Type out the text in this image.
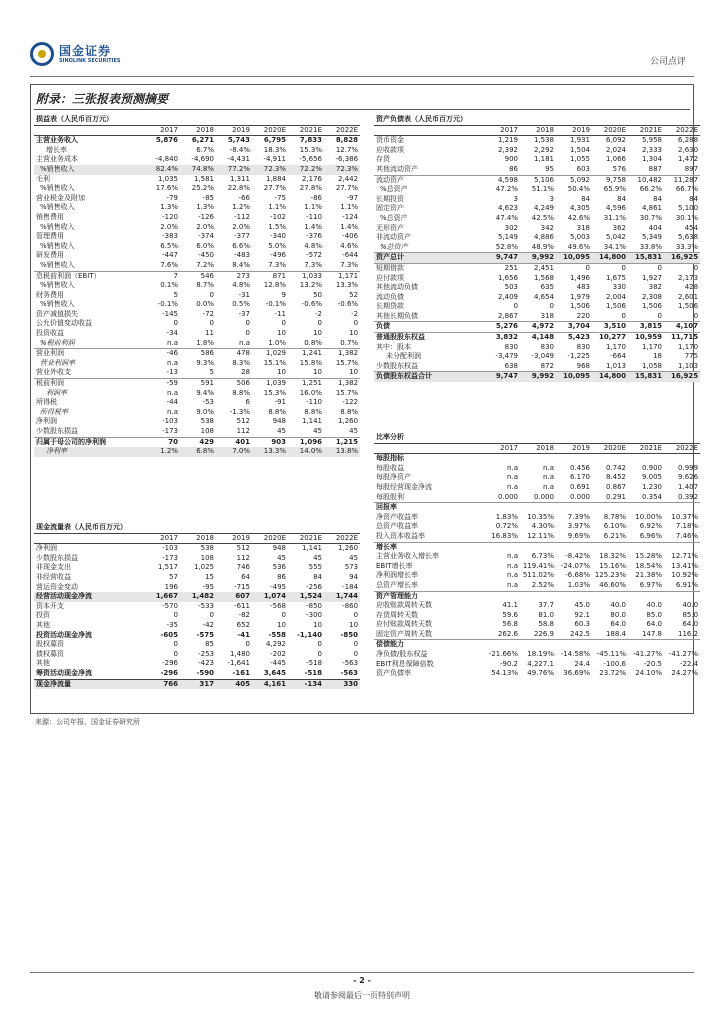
国金证券
SINOLINK SECURITIES	公司点评
附录：三张报表预测摘要
损益表（人民币百万元）						
	2017	2018	2019	2020E	2021E	2022E
主营业务收入	5,876	6,271	5,743	6,795	7,833	8,828
增长率		6.7%	-8.4%	18.3%	15.3%	12.7%
主营业务成本	-4,840	-4,690	-4,431	-4,911	-5,656	-6,386
%销售收入	82.4%	74.8%	77.2%	72.3%	72.2%	72.3%
毛利	1,035	1,581	1,311	1,884	2,176	2,442
%销售收入	17.6%	25.2%	22.8%	27.7%	27.8%	27.7%
营业税金及附加	-79	-85	-66	-75	-86	-97
%销售收入	1.3%	1.3%	1.2%	1.1%	1.1%	1.1%
销售费用	-120	-126	-112	-102	-110	-124
%销售收入	2.0%	2.0%	2.0%	1.5%	1.4%	1.4%
管理费用	-383	-374	-377	-340	-376	-406
%销售收入	6.5%	6.0%	6.6%	5.0%	4.8%	4.6%
研发费用	-447	-450	-483	-496	-572	-644
%销售收入	7.6%	7.2%	8.4%	7.3%	7.3%	7.3%
息税前利润（EBIT）	7	546	273	871	1,033	1,171
%销售收入	0.1%	8.7%	4.8%	12.8%	13.2%	13.3%
财务费用	5	0	-31	9	50	52
%销售收入	-0.1%	0.0%	0.5%	-0.1%	-0.6%	-0.6%
资产减值损失	-145	-72	-37	-11	-2	-2
公允价值变动收益	0	0	0	0	0	0
投资收益	-34	11	0	10	10	10
%税前利润	n.a	1.8%	n.a	1.0%	0.8%	0.7%
营业利润	-46	586	478	1,029	1,241	1,382
营业利润率	n.a	9.3%	8.3%	15.1%	15.8%	15.7%
营业外收支	-13	5	28	10	10	10
税前利润	-59	591	506	1,039	1,251	1,382
利润率	n.a	9.4%	8.8%	15.3%	16.0%	15.7%
所得税	-44	-53	6	-91	-110	-122
所得税率	n.a	9.0%	-1.3%	8.8%	8.8%	8.8%
净利润	-103	538	512	948	1,141	1,260
少数股东损益	-173	108	112	45	45	45
归属于母公司的净利润	70	429	401	903	1,096	1,215
净利率	1.2%	6.8%	7.0%	13.3%	14.0%	13.8%
资产负债表（人民币百万元）						
	2017	2018	2019	2020E	2021E	2022E
货币资金	1,219	1,538	1,931	6,092	5,958	6,288
应收款项	2,392	2,292	1,504	2,024	2,333	2,630
存货	900	1,181	1,055	1,066	1,304	1,472
其他流动资产	86	95	603	576	887	897
流动资产	4,598	5,106	5,092	9,758	10,482	11,287
%总资产	47.2%	51.1%	50.4%	65.9%	66.2%	66.7%
长期投资	3	3	84	84	84	84
固定资产	4,623	4,249	4,305	4,596	4,861	5,100
%总资产	47.4%	42.5%	42.6%	31.1%	30.7%	30.1%
无形资产	302	342	318	362	404	454
非流动资产	5,149	4,886	5,003	5,042	5,349	5,638
%总资产	52.8%	48.9%	49.6%	34.1%	33.8%	33.3%
资产总计	9,747	9,992	10,095	14,800	15,831	16,925
短期借款	251	2,451	0	0	0	0
应付款项	1,656	1,568	1,496	1,675	1,927	2,173
其他流动负债	503	635	483	330	382	428
流动负债	2,409	4,654	1,979	2,004	2,308	2,601
长期贷款	0	0	1,506	1,506	1,506	1,506
其他长期负债	2,867	318	220	0	0	0
负债	5,276	4,972	3,704	3,510	3,815	4,107
普通股股东权益	3,832	4,148	5,423	10,277	10,959	11,715
其中：股本	830	830	830	1,170	1,170	1,170
未分配利润	-3,479	-3,049	-1,225	-664	18	775
少数股东权益	638	872	968	1,013	1,058	1,103
负债股东权益合计	9,747	9,992	10,095	14,800	15,831	16,925
比率分析						
	2017	2018	2019	2020E	2021E	2022E
每股指标						
每股收益	n.a	n.a	0.456	0.742	0.900	0.999
每股净资产	n.a	n.a	6.170	8.452	9.005	9.626
每股经营现金净流	n.a	n.a	0.691	0.867	1.230	1.407
每股股利	0.000	0.000	0.000	0.291	0.354	0.392
回报率						
净资产收益率	1.83%	10.35%	7.39%	8.78%	10.00%	10.37%
总资产收益率	0.72%	4.30%	3.97%	6.10%	6.92%	7.18%
投入资本收益率	16.83%	12.11%	9.69%	6.21%	6.96%	7.46%
增长率						
主营业务收入增长率	n.a	6.73%	-8.42%	18.32%	15.28%	12.71%
EBIT增长率	n.a	119.41%	-24.07%	15.16%	18.54%	13.41%
净利润增长率	n.a	511.02%	-6.68%	125.23%	21.38%	10.92%
总资产增长率	n.a	2.52%	1.03%	46.60%	6.97%	6.91%
资产管理能力						
应收账款周转天数	41.1	37.7	45.0	40.0	40.0	40.0
存货周转天数	59.6	81.0	92.1	80.0	85.0	85.0
应付账款周转天数	56.8	58.8	60.3	64.0	64.0	64.0
固定资产周转天数	262.6	226.9	242.5	188.4	147.8	116.2
偿债能力						
净负债/股东权益	-21.66%	18.19%	-14.58%	-45.11%	-41.27%	-41.27%
EBIT利息保障倍数	-90.2	4,227.1	24.4	-100.6	-20.5	-22.4
资产负债率	54.13%	49.76%	36.69%	23.72%	24.10%	24.27%
现金流量表（人民币百万元）						
	2017	2018	2019	2020E	2021E	2022E
净利润	-103	538	512	948	1,141	1,260
少数股东损益	-173	108	112	45	45	45
非现金支出	1,517	1,025	746	536	555	573
非经营收益	57	15	64	86	84	94
营运资金变动	196	-95	-715	-495	-256	-184
经营活动现金净流	1,667	1,482	607	1,074	1,524	1,744
资本开支	-570	-533	-611	-568	-850	-860
投资	0	0	-82	0	-300	0
其他	-35	-42	652	10	10	10
投资活动现金净流	-605	-575	-41	-558	-1,140	-850
股权募资	0	85	0	4,292	0	0
债权募资	0	-253	1,480	-202	0	0
其他	-296	-423	-1,641	-445	-518	-563
筹资活动现金净流	-296	-590	-161	3,645	-518	-563
现金净流量	766	317	405	4,161	-134	330
来源：公司年报、国金证券研究所
- 2 -
敬请参阅最后一页特别声明
